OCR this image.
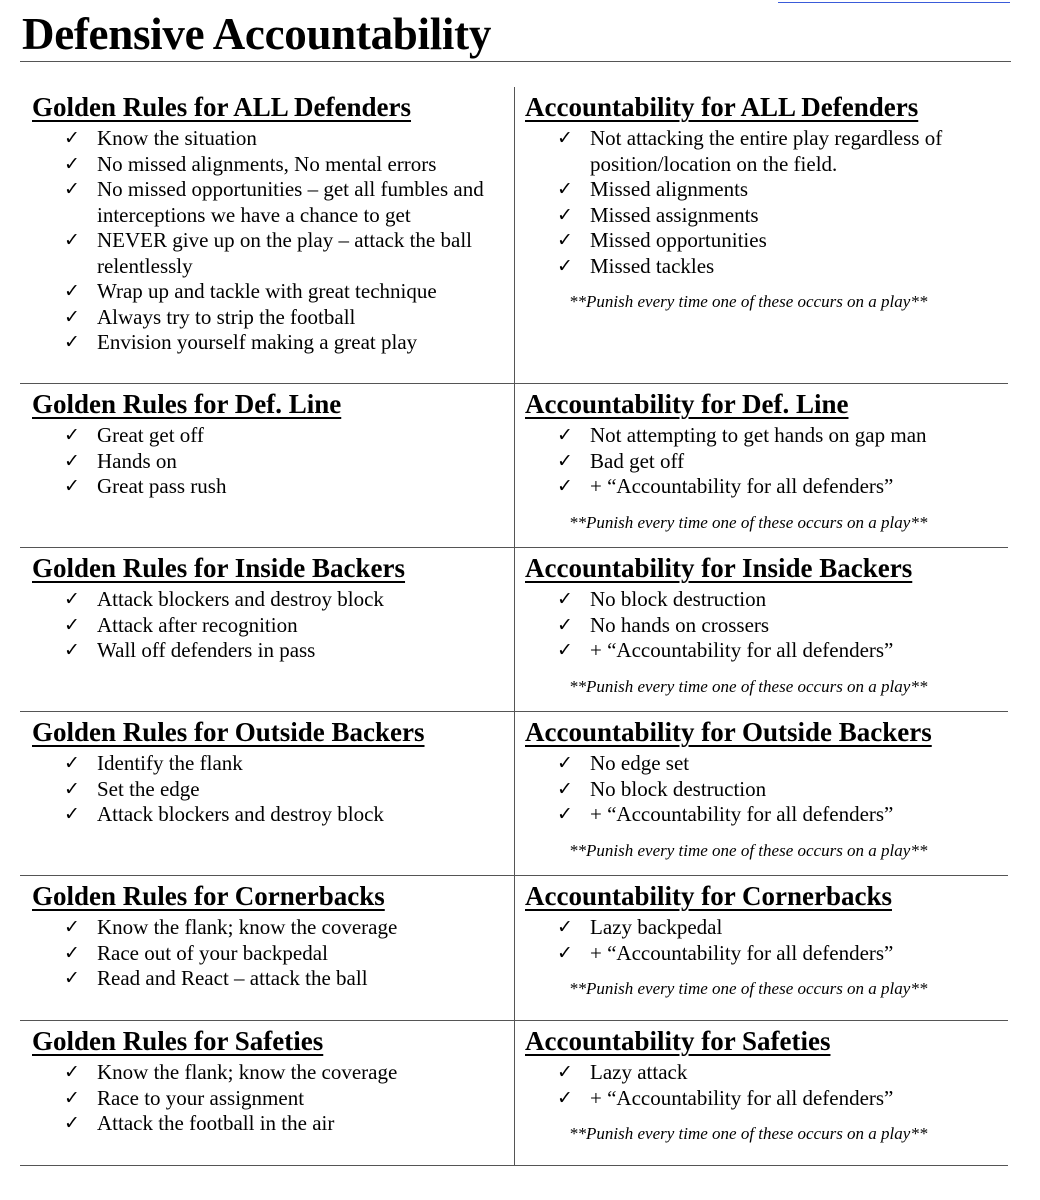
Defensive Accountability
Golden Rules for ALL Defenders
✓ Know the situation
✓ No missed alignments, No mental errors
✓ No missed opportunities – get all fumbles and interceptions we have a chance to get
✓ NEVER give up on the play – attack the ball relentlessly
✓ Wrap up and tackle with great technique
✓ Always try to strip the football
✓ Envision yourself making a great play
Accountability for ALL Defenders
✓ Not attacking the entire play regardless of position/location on the field.
✓ Missed alignments
✓ Missed assignments
✓ Missed opportunities
✓ Missed tackles

**Punish every time one of these occurs on a play**

Golden Rules for Def. Line
✓ Great get off
✓ Hands on
✓ Great pass rush
Accountability for Def. Line
✓ Not attempting to get hands on gap man
✓ Bad get off
✓ + “Accountability for all defenders”

**Punish every time one of these occurs on a play**

Golden Rules for Inside Backers
✓ Attack blockers and destroy block
✓ Attack after recognition
✓ Wall off defenders in pass
Accountability for Inside Backers
✓ No block destruction
✓ No hands on crossers
✓ + “Accountability for all defenders”

**Punish every time one of these occurs on a play**

Golden Rules for Outside Backers
✓ Identify the flank
✓ Set the edge
✓ Attack blockers and destroy block
Accountability for Outside Backers
✓ No edge set
✓ No block destruction
✓ + “Accountability for all defenders”

**Punish every time one of these occurs on a play**

Golden Rules for Cornerbacks
✓ Know the flank; know the coverage
✓ Race out of your backpedal
✓ Read and React – attack the ball
Accountability for Cornerbacks
✓ Lazy backpedal
✓ + “Accountability for all defenders”

**Punish every time one of these occurs on a play**

Golden Rules for Safeties
✓ Know the flank; know the coverage
✓ Race to your assignment
✓ Attack the football in the air
Accountability for Safeties
✓ Lazy attack
✓ + “Accountability for all defenders”

**Punish every time one of these occurs on a play**
